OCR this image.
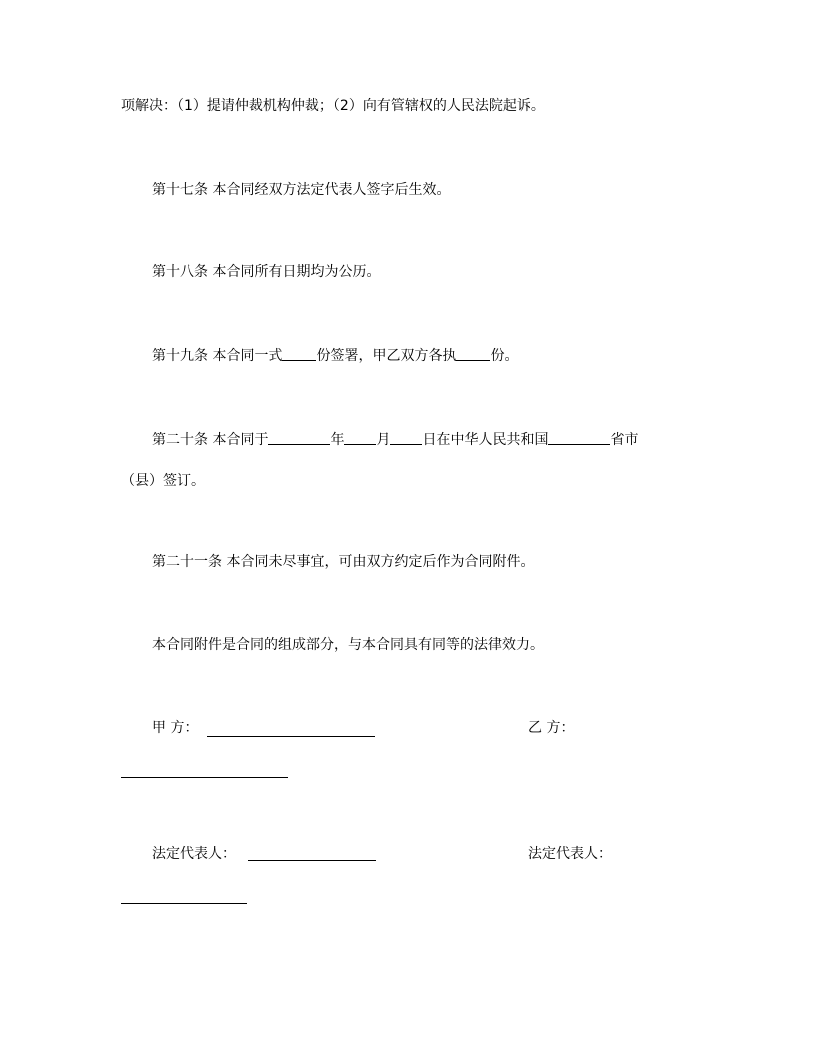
项解决：（1）提请仲裁机构仲裁；（2）向有管辖权的人民法院起诉。
第十七条 本合同经双方法定代表人签字后生效。
第十八条 本合同所有日期均为公历。
第十九条 本合同一式 份签署，甲乙双方各执 份。
第二十条 本合同于	年 月 日在中华人民共和国	省市
（县）签订。
第二十一条 本合同未尽事宜，可由双方约定后作为合同附件。
本合同附件是合同的组成部分，与本合同具有同等的法律效力。
甲 方：	乙 方：
法定代表人：	法定代表人：
